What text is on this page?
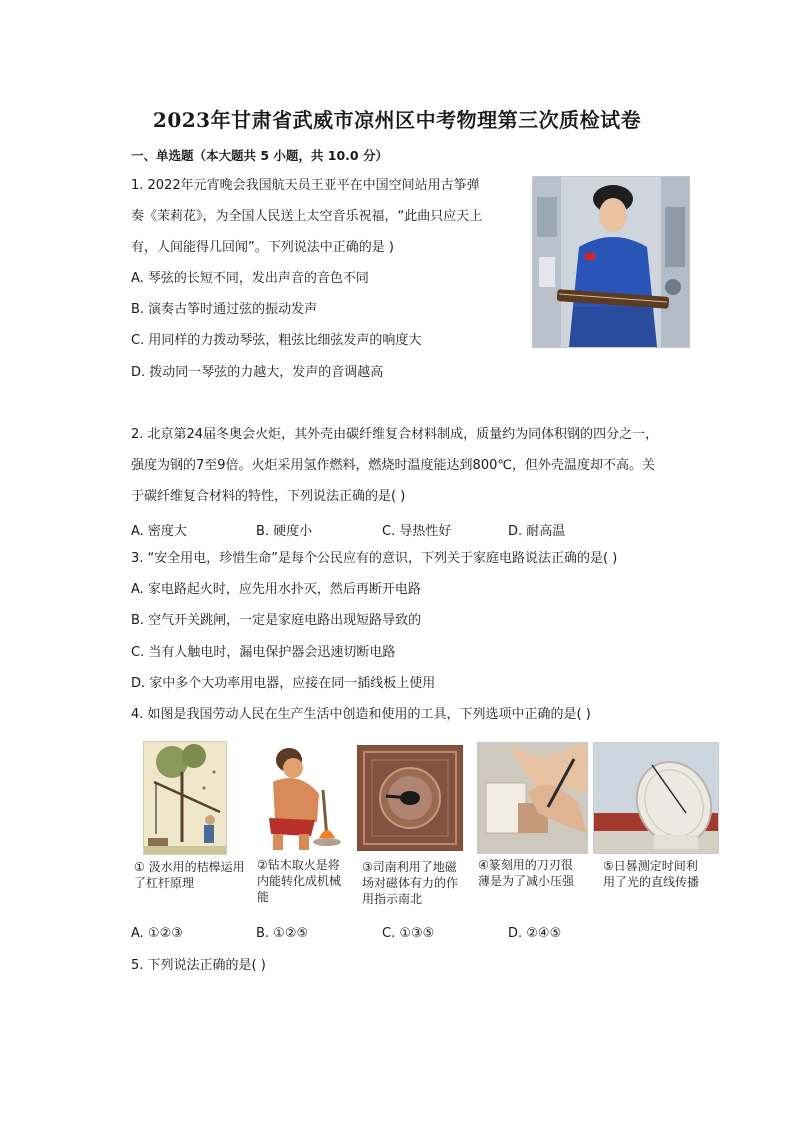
2023年甘肃省武威市凉州区中考物理第三次质检试卷
一、单选题（本大题共 5 小题，共 10.0 分）
1. 2022年元宵晚会我国航天员王亚平在中国空间站用古筝弹
奏《茉莉花》，为全国人民送上太空音乐祝福，“此曲只应天上
有，人间能得几回闻”。下列说法中正确的是 )
A. 琴弦的长短不同，发出声音的音色不同
B. 演奏古筝时通过弦的振动发声
C. 用同样的力拨动琴弦，粗弦比细弦发声的响度大
D. 拨动同一琴弦的力越大，发声的音调越高
2. 北京第24届冬奥会火炬，其外壳由碳纤维复合材料制成，质量约为同体积钢的四分之一，
强度为钢的7至9倍。火炬采用氢作燃料，燃烧时温度能达到800℃，但外壳温度却不高。关
于碳纤维复合材料的特性，下列说法正确的是( )
A. 密度大	B. 硬度小	C. 导热性好	D. 耐高温
3. “安全用电，珍惜生命”是每个公民应有的意识，下列关于家庭电路说法正确的是( )
A. 家电路起火时，应先用水扑灭，然后再断开电路
B. 空气开关跳闸，一定是家庭电路出现短路导致的
C. 当有人触电时，漏电保护器会迅速切断电路
D. 家中多个大功率用电器，应接在同一插线板上使用
4. 如图是我国劳动人民在生产生活中创造和使用的工具，下列选项中正确的是( )
① 汲水用的桔槔运用了杠杆原理
②钻木取火是将内能转化成机械能
③司南利用了地磁场对磁体有力的作用指示南北
④篆刻用的刀刃很薄是为了减小压强
⑤日晷测定时间利用了光的直线传播
A. ①②③	B. ①②⑤	C. ①③⑤	D. ②④⑤
5. 下列说法正确的是( )
